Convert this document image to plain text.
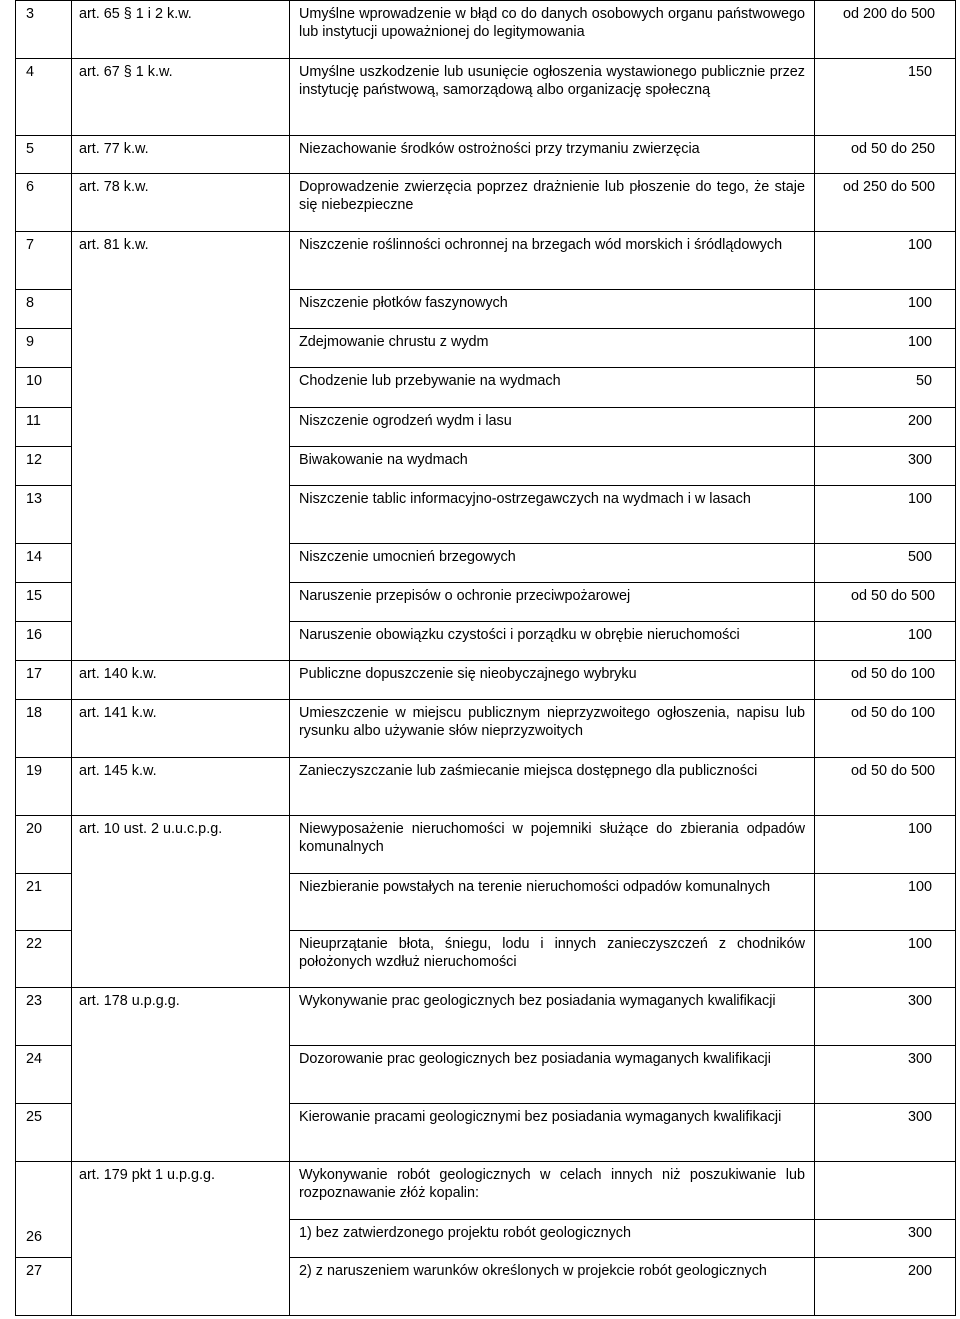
3	art. 65 § 1 i 2 k.w.	Umyślne wprowadzenie w błąd co do danych osobowych organu państwowego lub instytucji upoważnionej do legitymowania	od 200 do 500
4	art. 67 § 1 k.w.	Umyślne uszkodzenie lub usunięcie ogłoszenia wystawionego publicznie przez instytucję państwową, samorządową albo organizację społeczną	150
5	art. 77 k.w.	Niezachowanie środków ostrożności przy trzymaniu zwierzęcia	od 50 do 250
6	art. 78 k.w.	Doprowadzenie zwierzęcia poprzez drażnienie lub płoszenie do tego, że staje się niebezpieczne	od 250 do 500
7	art. 81 k.w.	Niszczenie roślinności ochronnej na brzegach wód morskich i śródlądowych	100
8		Niszczenie płotków faszynowych	100
9		Zdejmowanie chrustu z wydm	100
10		Chodzenie lub przebywanie na wydmach	50
11		Niszczenie ogrodzeń wydm i lasu	200
12		Biwakowanie na wydmach	300
13		Niszczenie tablic informacyjno-ostrzegawczych na wydmach i w lasach	100
14		Niszczenie umocnień brzegowych	500
15		Naruszenie przepisów o ochronie przeciwpożarowej	od 50 do 500
16		Naruszenie obowiązku czystości i porządku w obrębie nieruchomości	100
17	art. 140 k.w.	Publiczne dopuszczenie się nieobyczajnego wybryku	od 50 do 100
18	art. 141 k.w.	Umieszczenie w miejscu publicznym nieprzyzwoitego ogłoszenia, napisu lub rysunku albo używanie słów nieprzyzwoitych	od 50 do 100
19	art. 145 k.w.	Zanieczyszczanie lub zaśmiecanie miejsca dostępnego dla publiczności	od 50 do 500
20	art. 10 ust. 2 u.u.c.p.g.	Niewyposażenie nieruchomości w pojemniki służące do zbierania odpadów komunalnych	100
21		Niezbieranie powstałych na terenie nieruchomości odpadów komunalnych	100
22		Nieuprzątanie błota, śniegu, lodu i innych zanieczyszczeń z chodników położonych wzdłuż nieruchomości	100
23	art. 178 u.p.g.g.	Wykonywanie prac geologicznych bez posiadania wymaganych kwalifikacji	300
24		Dozorowanie prac geologicznych bez posiadania wymaganych kwalifikacji	300
25		Kierowanie pracami geologicznymi bez posiadania wymaganych kwalifikacji	300
26	art. 179 pkt 1 u.p.g.g.	Wykonywanie robót geologicznych w celach innych niż poszukiwanie lub rozpoznawanie złóż kopalin:	
		1) bez zatwierdzonego projektu robót geologicznych	300
27		2) z naruszeniem warunków określonych w projekcie robót geologicznych	200
